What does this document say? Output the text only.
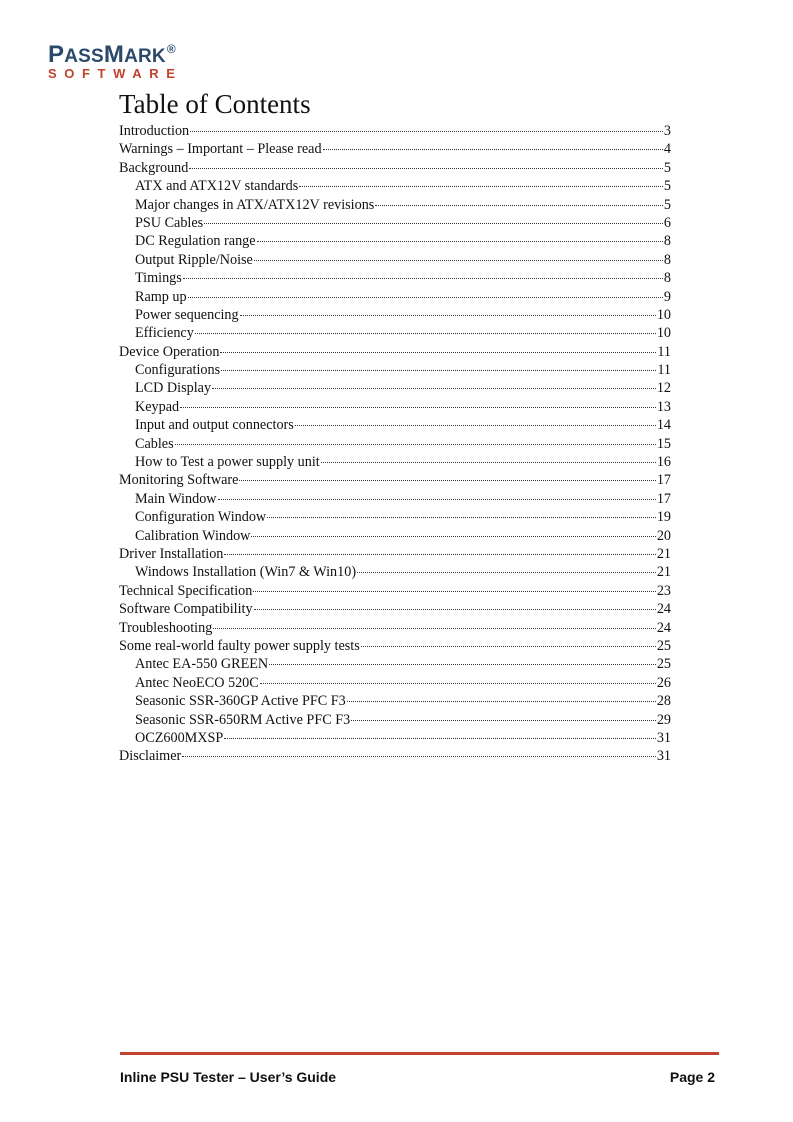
PASSMARK®
SOFTWARE
Table of Contents
Introduction	3
Warnings – Important – Please read	4
Background	5
ATX and ATX12V standards	5
Major changes in ATX/ATX12V revisions	5
PSU Cables	6
DC Regulation range	8
Output Ripple/Noise	8
Timings	8
Ramp up	9
Power sequencing	10
Efficiency	10
Device Operation	11
Configurations	11
LCD Display	12
Keypad	13
Input and output connectors	14
Cables	15
How to Test a power supply unit	16
Monitoring Software	17
Main Window	17
Configuration Window	19
Calibration Window	20
Driver Installation	21
Windows Installation (Win7 & Win10)	21
Technical Specification	23
Software Compatibility	24
Troubleshooting	24
Some real-world faulty power supply tests	25
Antec EA-550 GREEN	25
Antec NeoECO 520C	26
Seasonic SSR-360GP Active PFC F3	28
Seasonic SSR-650RM Active PFC F3	29
OCZ600MXSP	31
Disclaimer	31
Inline PSU Tester – User’s Guide	Page 2
